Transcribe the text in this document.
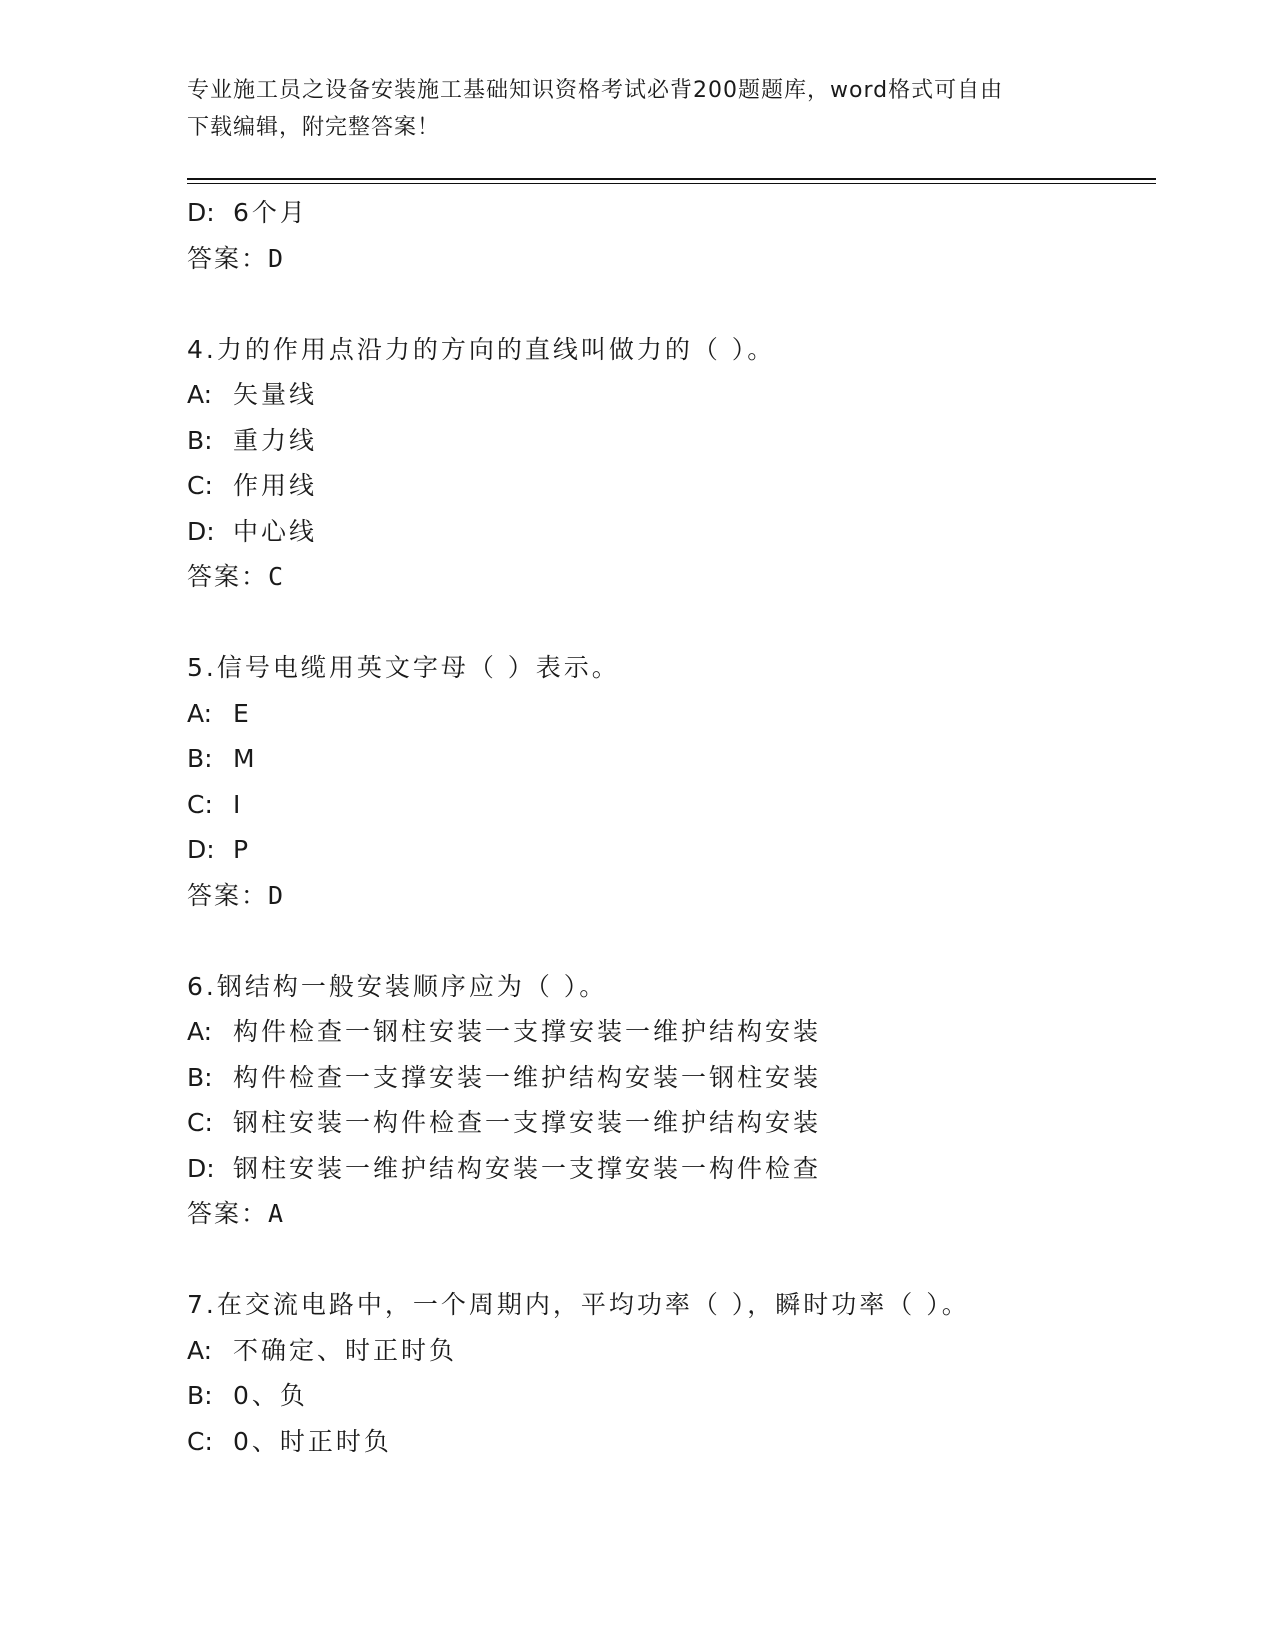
专业施工员之设备安装施工基础知识资格考试必背200题题库，word格式可自由
下载编辑，附完整答案！
D: 6个月
答案：D
4.力的作用点沿力的方向的直线叫做力的（ ）。
A: 矢量线
B: 重力线
C: 作用线
D: 中心线
答案：C
5.信号电缆用英文字母（ ）表示。
A: E
B: M
C: I
D: P
答案：D
6.钢结构一般安装顺序应为（ ）。
A: 构件检查一钢柱安装一支撑安装一维护结构安装
B: 构件检查一支撑安装一维护结构安装一钢柱安装
C: 钢柱安装一构件检查一支撑安装一维护结构安装
D: 钢柱安装一维护结构安装一支撑安装一构件检查
答案：A
7.在交流电路中，一个周期内，平均功率（ ），瞬时功率（ ）。
A: 不确定、时正时负
B: 0、负
C: 0、时正时负
